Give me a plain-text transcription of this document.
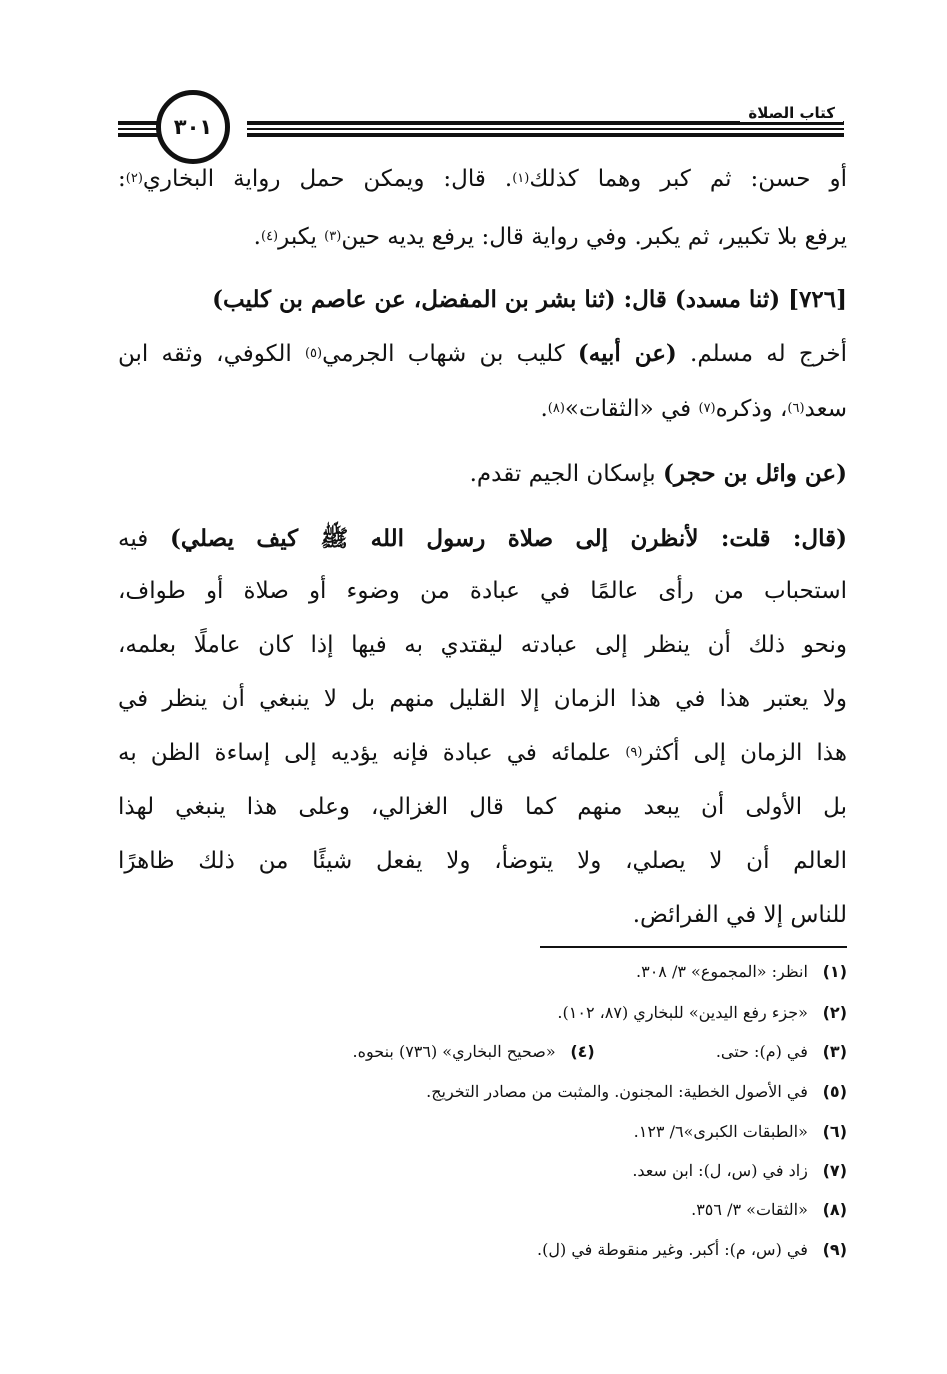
٣٠١
كتاب الصلاة
أو حسن: ثم كبر وهما كذلك$^{(١)}$. قال: ويمكن حمل رواية البخاري$^{(٢)}$:
يرفع بلا تكبير، ثم يكبر. وفي رواية قال: يرفع يديه حين$^{(٣)}$ يكبر$^{(٤)}$.
[٧٢٦] (ثنا مسدد) قال: (ثنا بشر بن المفضل، عن عاصم بن كليب)
أخرج له مسلم. (عن أبيه) كليب بن شهاب الجرمي$^{(٥)}$ الكوفي، وثقه ابن
سعد$^{(٦)}$، وذكره$^{(٧)}$ في «الثقات»$^{(٨)}$.
(عن وائل بن حجر) بإسكان الجيم تقدم.
(قال: قلت: لأنظرن إلى صلاة رسول الله ﷺ كيف يصلي) فيه
استحباب من رأى عالمًا في عبادة من وضوء أو صلاة أو طواف،
ونحو ذلك أن ينظر إلى عبادته ليقتدي به فيها إذا كان عاملًا بعلمه،
ولا يعتبر هذا في هذا الزمان إلا القليل منهم بل لا ينبغي أن ينظر في
هذا الزمان إلى أكثر$^{(٩)}$ علمائه في عبادة فإنه يؤديه إلى إساءة الظن به
بل الأولى أن يبعد منهم كما قال الغزالي، وعلى هذا ينبغي لهذا
العالم أن لا يصلي، ولا يتوضأ، ولا يفعل شيئًا من ذلك ظاهرًا
للناس إلا في الفرائض.
(١) انظر: «المجموع» ٣/ ٣٠٨.
(٢) «جزء رفع اليدين» للبخاري (٨٧، ١٠٢).
(٣) في (م): حتى. (٤) «صحيح البخاري» (٧٣٦) بنحوه.
(٥) في الأصول الخطية: المجنون. والمثبت من مصادر التخريج.
(٦) «الطبقات الكبرى»٦/ ١٢٣.
(٧) زاد في (س، ل): ابن سعد.
(٨) «الثقات» ٣/ ٣٥٦.
(٩) في (س، م): أكبر. وغير منقوطة في (ل).
